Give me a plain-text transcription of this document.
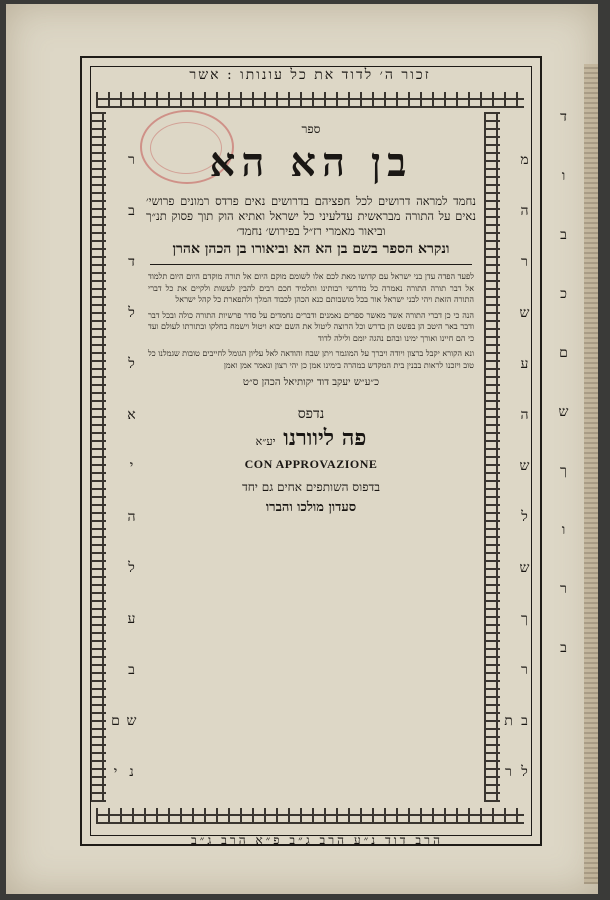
זכור ה׳ לדוד את כל עונותו : אשר
נ ש ב ע ל ה י א ל ל ד ב ר י ם	ל ב ר ך ש ל ש ה ע ש ר ה מ ר ת
ב ר ו ך ש ם כ ב ו ד
ספר
בן הא הא
נחמד למראה דרושים לכל חפציהם בדרושים נאים פרדס רמונים פרושי׳ נאים על התורה מבראשית עדלעיני כל ישראל ואתיא הוק תוך פסוק תנ״ך וביאור מאמרי רז״ל בפירוש׳ נחמד׳
ונקרא הספר בשם בן הא הא וביאורו בן הכהן אהרן
לפעד הפדה עדן בני ישראל עם קדושו מאת לכם אלו לשומם מוקם היום אל תורה מוקדם היום היום תלמוד אל דבר תורה התורה נאמרה כל מדרשי רבותינו ותלמיד חכם רבים להבין לעשות ולקיים את כל דברי התורה הזאת ויהי לבני ישראל אור בכל מושבותם כנא הכהן לכבוד המלך ולתפארת כל קהל ישראל
הנה כי כן דברי התורה אשר מאשר ספרים נאמנים ודברים נחמדים על סדר פרשיות התורה כולה ובכל דבר ודבר באר היטב הן בפשט הן בדרש וכל הרוצה ליטול את השם יבוא ויטול וישמח בחלקו ובתורתו לעולם ועד כי הם חיינו ואורך ימינו ובהם נהגה יומם ולילה לדוד
ונא הקורא יקבל ברצון ויודה ויברך על המוגמר ויתן שבח והודאה לאל עליון הגומל לחייבים טובות שגמלנו כל טוב ויזכנו לראות בבנין בית המקדש במהרה בימינו אמן כן יהי רצון ונאמר אמן ואמן
כ״ע״ש יעקב דוד יקותיאל הכהן ס״ט
נדפס
פה ליוורנו יע״א
CON APPROVAZIONE
בדפוס השותפים אחים גם יחד
סעדון מולכו והברו
הרב דוד נ״ע הרב ג״ב פ״א הרב ג״ב
